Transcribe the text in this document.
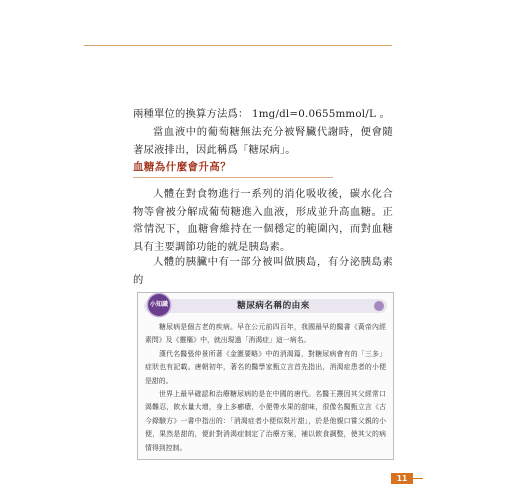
兩種單位的換算方法爲： 1mg/dl=0.0655mmol/L 。

當血液中的葡萄糖無法充分被腎臟代謝時，便會隨著尿液排出，因此稱爲「糖尿病」。

血糖為什麼會升高？

人體在對食物進行一系列的消化吸收後，碳水化合物等會被分解成葡萄糖進入血液，形成並升高血糖。正常情況下，血糖會維持在一個穩定的範圍內，而對血糖具有主要調節功能的就是胰島素。

人體的胰臟中有一部分被叫做胰島，有分泌胰島素的

小知識	糖尿病名稱的由來

糖尿病是個古老的疾病。早在公元前四百年，我國最早的醫書《黃帝內經素問》及《靈樞》中，就出現過「消渴症」這一病名。

漢代名醫張仲景所著《金匱要略》中的消渴篇，對糖尿病會有的「三多」症狀也有記載。唐朝初年，著名的醫學家甄立言首先指出，消渴症患者的小便是甜的。

世界上最早確認和治療糖尿病的是在中國的唐代。名醫王燾因其父經常口渴難忍，飲水量大增，身上多癤瘡，小便帶水果的甜味，很像名醫甄立言《古今錄驗方》一書中指出的：「消渴症者小便似麩片甜」，於是他親口嘗父親的小便，果然是甜的，便針對消渴症制定了治療方案，補以飲食調整，使其父的病情得到控制。

11
